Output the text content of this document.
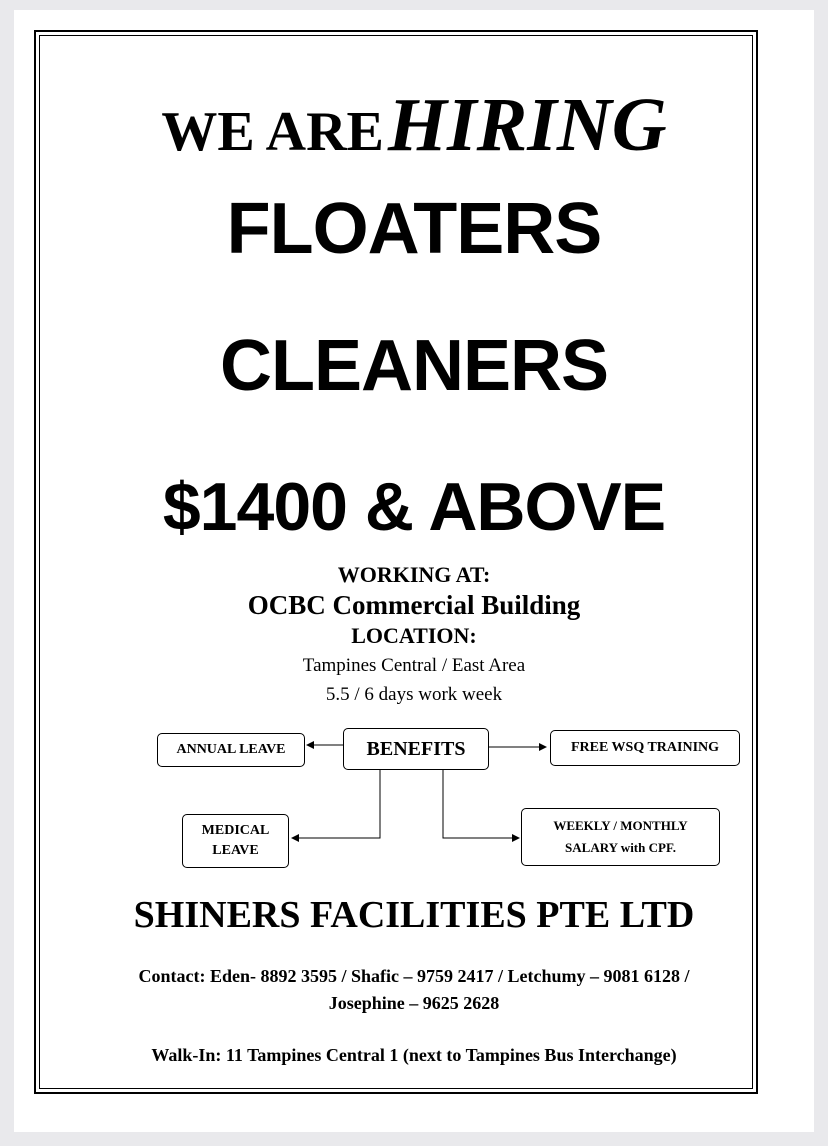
WE ARE HIRING
FLOATERS
CLEANERS
$1400 & ABOVE
WORKING AT:
OCBC Commercial Building
LOCATION:
Tampines Central / East Area
5.5 / 6 days work week
ANNUAL LEAVE	BENEFITS	FREE WSQ TRAINING
MEDICAL
LEAVE
WEEKLY / MONTHLY
SALARY with CPF.
SHINERS FACILITIES PTE LTD
Contact: Eden- 8892 3595 / Shafic – 9759 2417 / Letchumy – 9081 6128 /
Josephine – 9625 2628
Walk-In: 11 Tampines Central 1 (next to Tampines Bus Interchange)
